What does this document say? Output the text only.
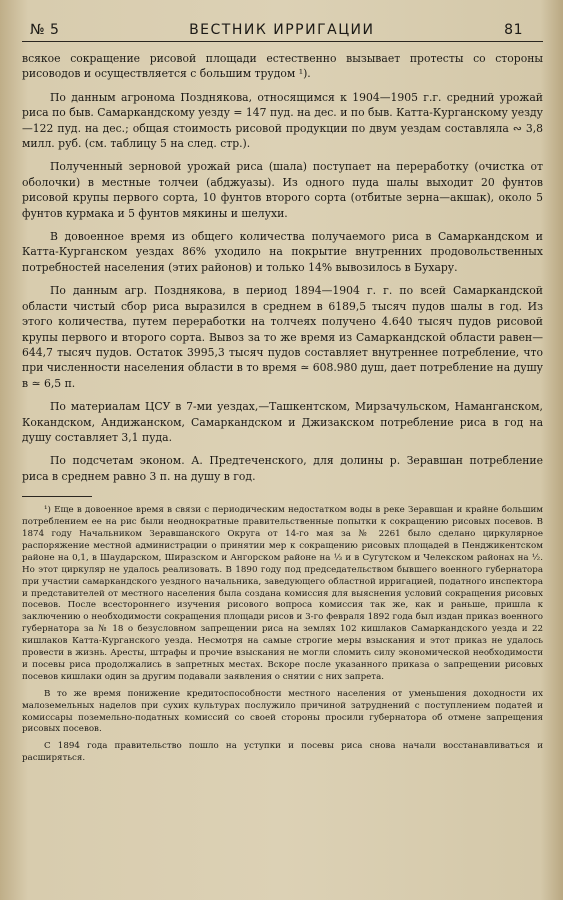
№ 5	ВЕСТНИК ИРРИГАЦИИ	81

всякое сокращение рисовой площади естественно вызывает протесты со стороны рисоводов и осуществляется с большим трудом ¹).

По данным агронома Позднякова, относящимся к 1904—1905 г.г. средний урожай риса по быв. Самаркандскому уезду = 147 пуд. на дес. и по быв. Катта-Курганскому уезду—122 пуд. на дес.; общая стоимость рисовой продукции по двум уездам составляла ∾ 3,8 милл. руб. (см. таблицу 5 на след. стр.).

Полученный зерновой урожай риса (шала) поступает на переработку (очистка от оболочки) в местные толчеи (абджуазы). Из одного пуда шалы выходит 20 фунтов рисовой крупы первого сорта, 10 фунтов второго сорта (отбитые зерна—акшак), около 5 фунтов курмака и 5 фунтов мякины и шелухи.

В довоенное время из общего количества получаемого риса в Самаркандском и Катта-Курганском уездах 86% уходило на покрытие внутренних продовольственных потребностей населения (этих районов) и только 14% вывозилось в Бухару.

По данным агр. Позднякова, в период 1894—1904 г. г. по всей Самаркандской области чистый сбор риса выразился в среднем в 6189,5 тысяч пудов шалы в год. Из этого количества, путем переработки на толчеях получено 4.640 тысяч пудов рисовой крупы первого и второго сорта. Вывоз за то же время из Самаркандской области равен—644,7 тысяч пудов. Остаток 3995,3 тысяч пудов составляет внутреннее потребление, что при численности населения области в то время ≃ 608.980 душ, дает потребление на душу в ≃ 6,5 п.

По материалам ЦСУ в 7-ми уездах,—Ташкентском, Мирзачульском, Наманганском, Кокандском, Андижанском, Самаркандском и Джизакском потребление риса в год на душу составляет 3,1 пуда.

По подсчетам эконом. А. Предтеченского, для долины р. Зеравшан потребление риса в среднем равно 3 п. на душу в год.

¹) Еще в довоенное время в связи с периодическим недостатком воды в реке Зеравшан и крайне большим потреблением ее на рис были неоднократные правительственные попытки к сокращению рисовых посевов. В 1874 году Начальником Зеравшанского Округа от 14-го мая за № 2261 было сделано циркулярное распоряжение местной администрации о принятии мер к сокращению рисовых площадей в Пенджикентском районе на 0,1, в Шаударском, Ширазском и Ангорском районе на ⅓ и в Сугутском и Челекском районах на ½. Но этот циркуляр не удалось реализовать. В 1890 году под председательством бывшего военного губернатора при участии самаркандского уездного начальника, заведующего областной ирригацией, податного инспектора и представителей от местного населения была создана комиссия для выяснения условий сокращения рисовых посевов. После всестороннего изучения рисового вопроса комиссия так же, как и раньше, пришла к заключению о необходимости сокращения площади рисов и 3-го февраля 1892 года был издан приказ военного губернатора за № 18 о безусловном запрещении риса на землях 102 кишлаков Самаркандского уезда и 22 кишлаков Катта-Курганского уезда. Несмотря на самые строгие меры взыскания и этот приказ не удалось провести в жизнь. Аресты, штрафы и прочие взыскания не могли сломить силу экономической необходимости и посевы риса продолжались в запретных местах. Вскоре после указанного приказа о запрещении рисовых посевов кишлаки один за другим подавали заявления о снятии с них запрета.

В то же время понижение кредитоспособности местного населения от уменьшения доходности их малоземельных наделов при сухих культурах послужило причиной затруднений с поступлением податей и комиссары поземельно-податных комиссий со своей стороны просили губернатора об отмене запрещения рисовых посевов.

С 1894 года правительство пошло на уступки и посевы риса снова начали восстанавливаться и расширяться.
